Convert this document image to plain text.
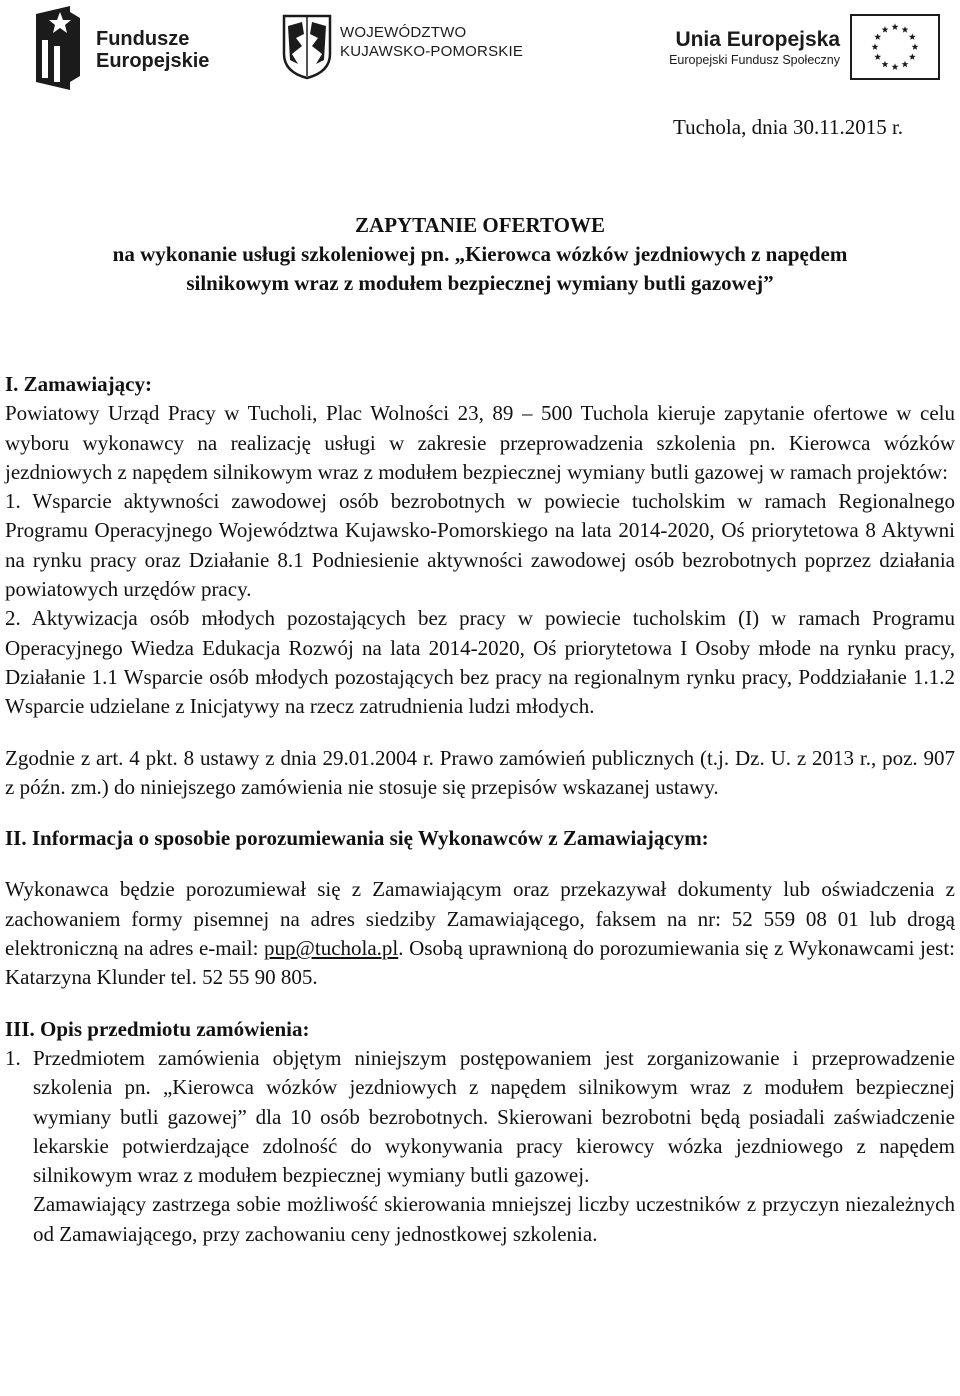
Fundusze
Europejskie
WOJEWÓDZTWO
KUJAWSKO-POMORSKIE
Unia Europejska
Europejski Fundusz Społeczny
Tuchola, dnia 30.11.2015 r.
ZAPYTANIE OFERTOWE
na wykonanie usługi szkoleniowej pn. „Kierowca wózków jezdniowych z napędem
silnikowym wraz z modułem bezpiecznej wymiany butli gazowej”
I. Zamawiający:

Powiatowy Urząd Pracy w Tucholi, Plac Wolności 23, 89 – 500 Tuchola kieruje zapytanie ofertowe w celu wyboru wykonawcy na realizację usługi w zakresie przeprowadzenia szkolenia pn. Kierowca wózków jezdniowych z napędem silnikowym wraz z modułem bezpiecznej wymiany butli gazowej w ramach projektów:

1. Wsparcie aktywności zawodowej osób bezrobotnych w powiecie tucholskim w ramach Regionalnego Programu Operacyjnego Województwa Kujawsko-Pomorskiego na lata 2014-2020, Oś priorytetowa 8 Aktywni na rynku pracy oraz Działanie 8.1 Podniesienie aktywności zawodowej osób bezrobotnych poprzez działania powiatowych urzędów pracy.

2. Aktywizacja osób młodych pozostających bez pracy w powiecie tucholskim (I) w ramach Programu Operacyjnego Wiedza Edukacja Rozwój na lata 2014-2020, Oś priorytetowa I Osoby młode na rynku pracy, Działanie 1.1 Wsparcie osób młodych pozostających bez pracy na regionalnym rynku pracy, Poddziałanie 1.1.2 Wsparcie udzielane z Inicjatywy na rzecz zatrudnienia ludzi młodych.

Zgodnie z art. 4 pkt. 8 ustawy z dnia 29.01.2004 r. Prawo zamówień publicznych (t.j. Dz. U. z 2013 r., poz. 907 z późn. zm.) do niniejszego zamówienia nie stosuje się przepisów wskazanej ustawy.

II. Informacja o sposobie porozumiewania się Wykonawców z Zamawiającym:

Wykonawca będzie porozumiewał się z Zamawiającym oraz przekazywał dokumenty lub oświadczenia z zachowaniem formy pisemnej na adres siedziby Zamawiającego, faksem na nr: 52 559 08 01 lub drogą elektroniczną na adres e-mail: pup@tuchola.pl. Osobą uprawnioną do porozumiewania się z Wykonawcami jest: Katarzyna Klunder tel. 52 55 90 805.

III. Opis przedmiotu zamówienia:
1. Przedmiotem zamówienia objętym niniejszym postępowaniem jest zorganizowanie i przeprowadzenie szkolenia pn. „Kierowca wózków jezdniowych z napędem silnikowym wraz z modułem bezpiecznej wymiany butli gazowej” dla 10 osób bezrobotnych. Skierowani bezrobotni będą posiadali zaświadczenie lekarskie potwierdzające zdolność do wykonywania pracy kierowcy wózka jezdniowego z napędem silnikowym wraz z modułem bezpiecznej wymiany butli gazowej.

Zamawiający zastrzega sobie możliwość skierowania mniejszej liczby uczestników z przyczyn niezależnych od Zamawiającego, przy zachowaniu ceny jednostkowej szkolenia.
